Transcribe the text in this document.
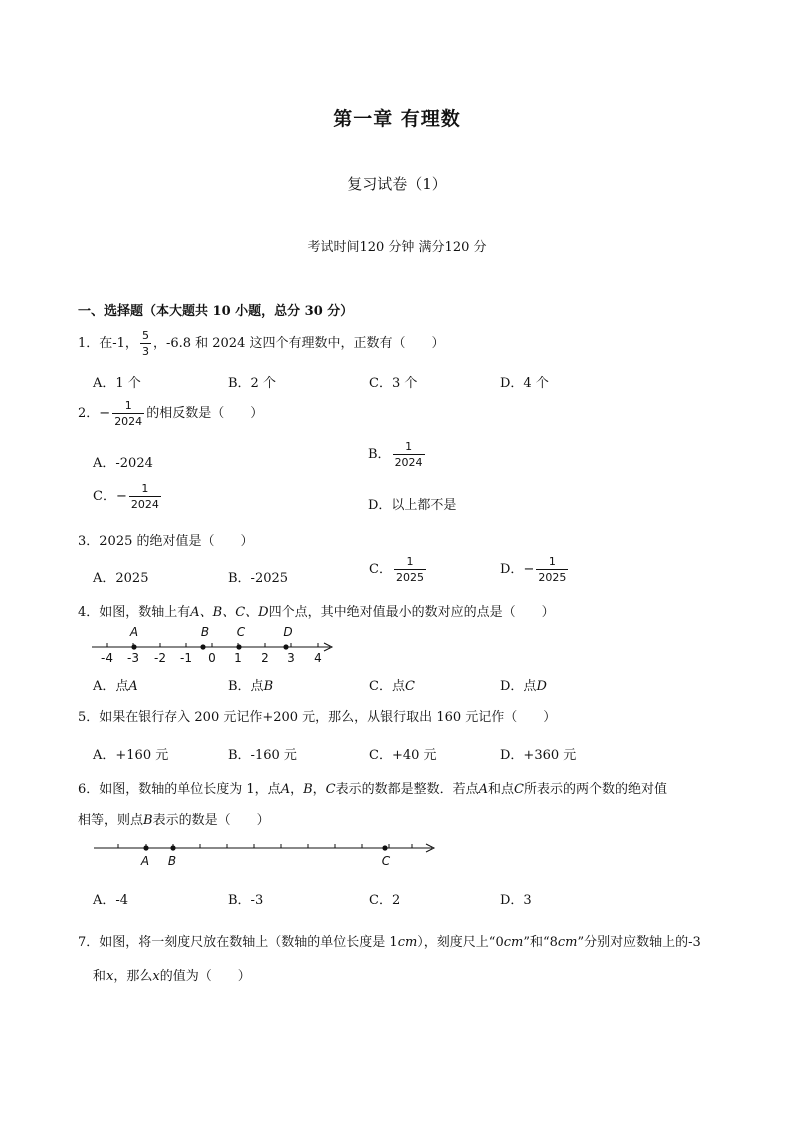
第一章 有理数
复习试卷（1）
考试时间120 分钟 满分120 分
一、选择题（本大题共 10 小题，总分 30 分）
1．在-1， $\frac{5}{3}$ ，-6.8 和 2024 这四个有理数中，正数有（　　）
A．1 个	B．2 个	C．3 个	D．4 个
2．− $\frac{1}{2024}$ 的相反数是（　　）
A．-2024
B． $\frac{1}{2024}$
C．− $\frac{1}{2024}$	D．以上都不是
3．2025 的绝对值是（　　）
A．2025	B．-2025
C． $\frac{1}{2025}$	D．− $\frac{1}{2025}$
4．如图，数轴上有A、B、C、D四个点，其中绝对值最小的数对应的点是（　　）
-4 -3 -2 -1 0 1 2 3 4
A	B C	D
A．点A	B．点B	C．点C	D．点D
5．如果在银行存入 200 元记作+200 元，那么，从银行取出 160 元记作（　　）
A．+160 元	B．-160 元	C．+40 元	D．+360 元
6．如图，数轴的单位长度为 1，点A，B，C表示的数都是整数．若点A和点C所表示的两个数的绝对值
相等，则点B表示的数是（　　）
A B	C
A．-4	B．-3	C．2	D．3
7．如图，将一刻度尺放在数轴上（数轴的单位长度是 1cm），刻度尺上“0cm”和“8cm”分别对应数轴上的-3
和x，那么x的值为（　　）
